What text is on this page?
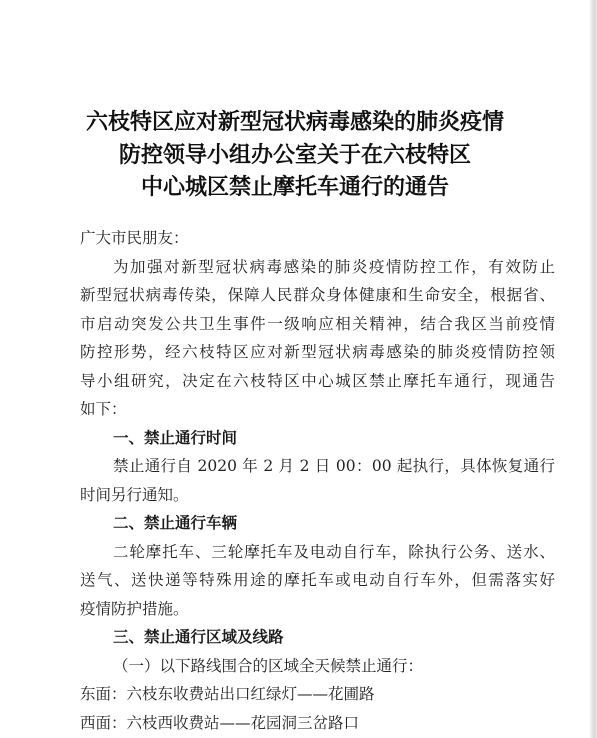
六枝特区应对新型冠状病毒感染的肺炎疫情
防控领导小组办公室关于在六枝特区
中心城区禁止摩托车通行的通告
广大市民朋友：
为加强对新型冠状病毒感染的肺炎疫情防控工作，有效防止
新型冠状病毒传染，保障人民群众身体健康和生命安全，根据省、
市启动突发公共卫生事件一级响应相关精神，结合我区当前疫情
防控形势，经六枝特区应对新型冠状病毒感染的肺炎疫情防控领
导小组研究，决定在六枝特区中心城区禁止摩托车通行，现通告
如下：
一、禁止通行时间
禁止通行自 2020 年 2 月 2 日 00：00 起执行，具体恢复通行
时间另行通知。
二、禁止通行车辆
二轮摩托车、三轮摩托车及电动自行车，除执行公务、送水、
送气、送快递等特殊用途的摩托车或电动自行车外，但需落实好
疫情防护措施。
三、禁止通行区域及线路
（一）以下路线围合的区域全天候禁止通行：
东面：六枝东收费站出口红绿灯——花圃路
西面：六枝西收费站——花园洞三岔路口
